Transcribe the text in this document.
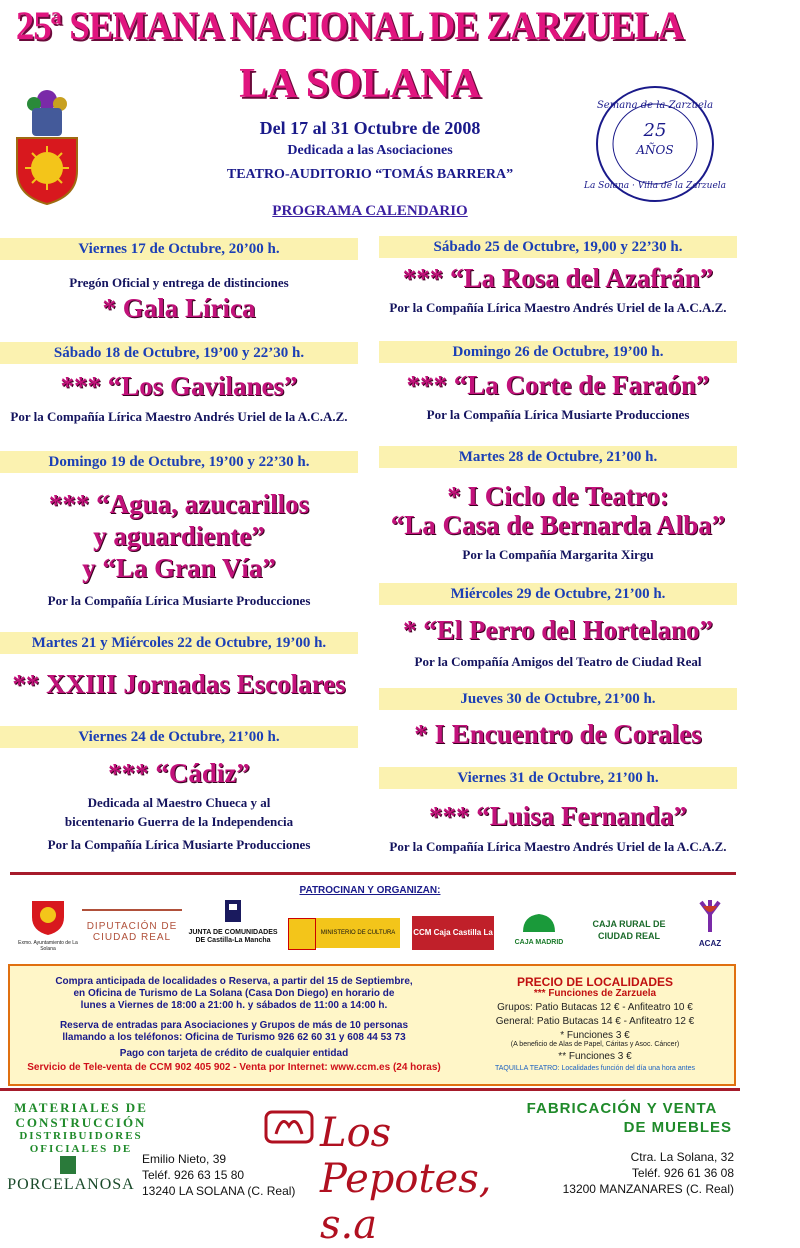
25ª SEMANA NACIONAL DE ZARZUELA
LA SOLANA
25
AÑOS
Semana de la Zarzuela
La Solana · Villa de la Zarzuela
Del 17 al 31 Octubre de 2008
Dedicada a las Asociaciones
TEATRO-AUDITORIO “TOMÁS BARRERA”
PROGRAMA CALENDARIO
Viernes 17 de Octubre, 20’00 h.
Pregón Oficial y entrega de distinciones
* Gala Lírica
Sábado 18 de Octubre, 19’00 y 22’30 h.
*** “Los Gavilanes”
Por la Compañía Lírica Maestro Andrés Uriel de la A.C.A.Z.
Domingo 19 de Octubre, 19’00 y 22’30 h.
*** “Agua, azucarillos
y aguardiente”
y “La Gran Vía”
Por la Compañía Lírica Musiarte Producciones
Martes 21 y Miércoles 22 de Octubre, 19’00 h.
** XXIII Jornadas Escolares
Viernes 24 de Octubre, 21’00 h.
*** “Cádiz”
Dedicada al Maestro Chueca y al
bicentenario Guerra de la Independencia
Por la Compañía Lírica Musiarte Producciones
Sábado 25 de Octubre, 19,00 y 22’30 h.
*** “La Rosa del Azafrán”
Por la Compañía Lírica Maestro Andrés Uriel de la A.C.A.Z.
Domingo 26 de Octubre, 19’00 h.
*** “La Corte de Faraón”
Por la Compañía Lírica Musiarte Producciones
Martes 28 de Octubre, 21’00 h.
* I Ciclo de Teatro:
“La Casa de Bernarda Alba”
Por la Compañía Margarita Xirgu
Miércoles 29 de Octubre, 21’00 h.
* “El Perro del Hortelano”
Por la Compañía Amigos del Teatro de Ciudad Real
Jueves 30 de Octubre, 21’00 h.
* I Encuentro de Corales
Viernes 31 de Octubre, 21’00 h.
*** “Luisa Fernanda”
Por la Compañía Lírica Maestro Andrés Uriel de la A.C.A.Z.
PATROCINAN Y ORGANIZAN:
Exmo. Ayuntamiento de La Solana
DIPUTACIÓN DE CIUDAD REAL	JUNTA DE COMUNIDADES DE Castilla-La Mancha
MINISTERIO DE CULTURA	CCM Caja Castilla La
CAJA MADRID
CAJA RURAL DE CIUDAD REAL
ACAZ
Compra anticipada de localidades o Reserva, a partir del 15 de Septiembre,
en Oficina de Turismo de La Solana (Casa Don Diego) en horario de
lunes a Viernes de 18:00 a 21:00 h. y sábados de 11:00 a 14:00 h.
Reserva de entradas para Asociaciones y Grupos de más de 10 personas
llamando a los teléfonos: Oficina de Turismo 926 62 60 31 y 608 44 53 73
Pago con tarjeta de crédito de cualquier entidad
Servicio de Tele-venta de CCM 902 405 902 - Venta por Internet: www.ccm.es (24 horas)
PRECIO DE LOCALIDADES
*** Funciones de Zarzuela
Grupos: Patio Butacas 12 € - Anfiteatro 10 €
General: Patio Butacas 14 € - Anfiteatro 12 €
* Funciones 3 €
(A beneficio de Alas de Papel, Cáritas y Asoc. Cáncer)
** Funciones 3 €
TAQUILLA TEATRO: Localidades función del día una hora antes
MATERIALES DE
CONSTRUCCIÓN
DISTRIBUIDORES
OFICIALES DE
PORCELANOSA
Emilio Nieto, 39
Teléf. 926 63 15 80
13240 LA SOLANA (C. Real)
Los Pepotes, s.a
FABRICACIÓN Y VENTA
DE MUEBLES
Ctra. La Solana, 32
Teléf. 926 61 36 08
13200 MANZANARES (C. Real)
